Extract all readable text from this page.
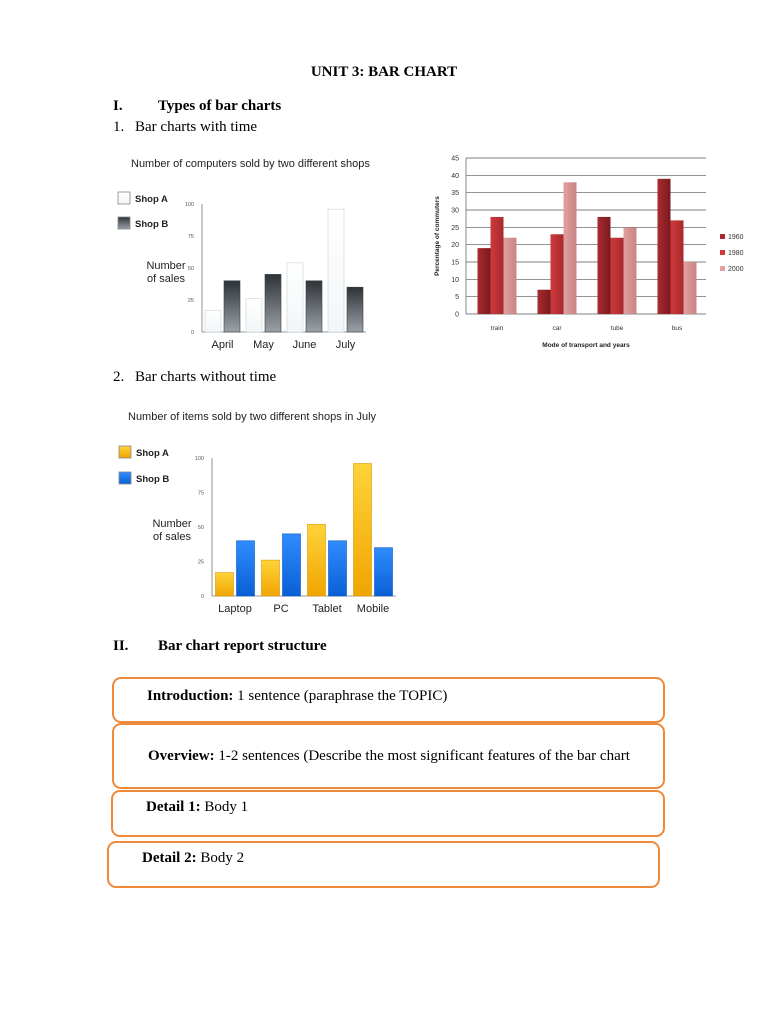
UNIT 3: BAR CHART
I. Types of bar charts
1. Bar charts with time
Number of computers sold by two different shops
Shop A
Shop B
Number
of sales
0
25
50
75
100
April May June July
0
5
10
15
20
25
30
35
40
45
Percentage of commuters
train	car	tube	bus
Mode of transport and years
1960
1980
2000
2. Bar charts without time
Number of items sold by two different shops in July
Shop A
Shop B
Number
of sales
0
25
50
75
100
Laptop PC Tablet Mobile
II. Bar chart report structure
Introduction: 1 sentence (paraphrase the TOPIC)
Overview: 1-2 sentences (Describe the most significant features of the bar chart
Detail 1: Body 1
Detail 2: Body 2
